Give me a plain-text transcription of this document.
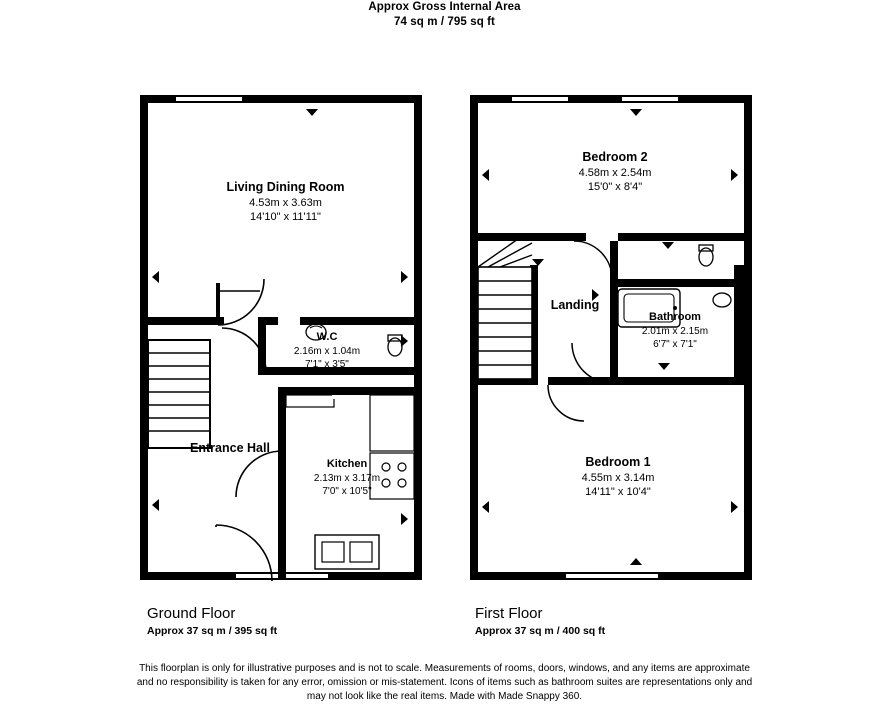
Approx Gross Internal Area
74 sq m / 795 sq ft
Living Dining Room
4.53m x 3.63m
14'10" x 11'11"
W.C
2.16m x 1.04m
7'1" x 3'5"
Entrance Hall
Kitchen
2.13m x 3.17m
7'0" x 10'5"
Bedroom 2
4.58m x 2.54m
15'0" x 8'4"
Landing
Bathroom
2.01m x 2.15m
6'7" x 7'1"
Bedroom 1
4.55m x 3.14m
14'11" x 10'4"
Ground Floor
Approx 37 sq m / 395 sq ft
First Floor
Approx 37 sq m / 400 sq ft
This floorplan is only for illustrative purposes and is not to scale. Measurements of rooms, doors, windows, and any items are approximate
and no responsibility is taken for any error, omission or mis-statement. Icons of items such as bathroom suites are representations only and
may not look like the real items. Made with Made Snappy 360.
